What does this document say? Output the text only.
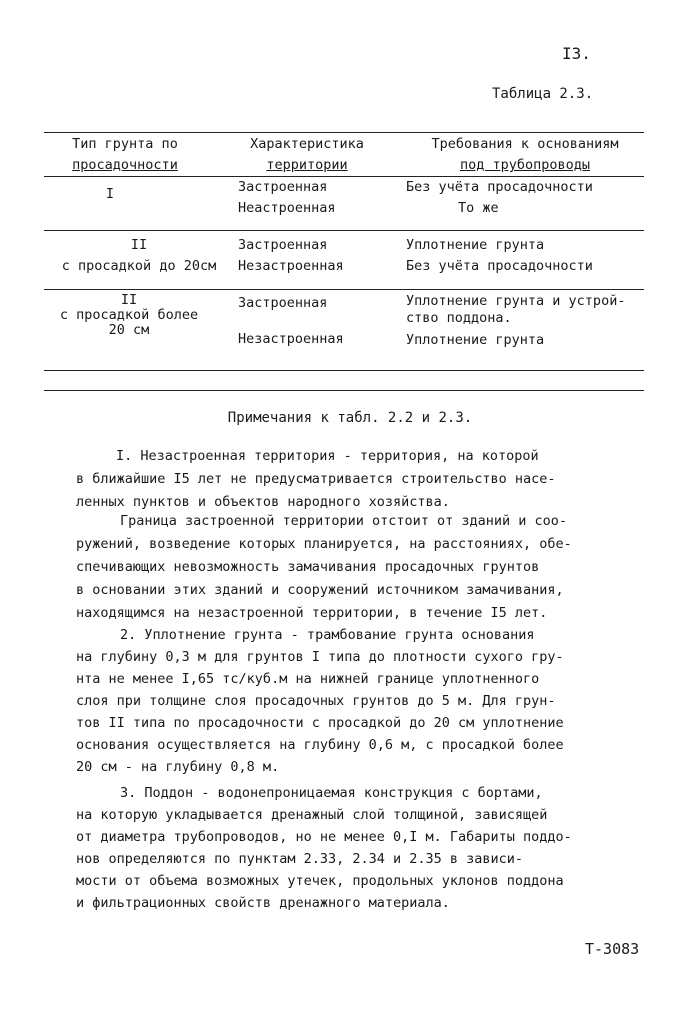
I3.
Таблица 2.3.
Тип грунта по
просадочности
Характеристика
территории
Требования к основаниям
под трубопроводы
I	Застроенная
Неастроенная
Без учёта просадочности
То же
II
с просадкой до 20см
Застроенная
Незастроенная
Уплотнение грунта
Без учёта просадочности
II
с просадкой более
20 см
Застроенная
Незастроенная
Уплотнение грунта и устрой-
ство поддона.
Уплотнение грунта
Примечания к табл. 2.2 и 2.3.
I. Незастроенная территория - территория, на которой
в ближайшие I5 лет не предусматривается строительство насе-
ленных пунктов и объектов народного хозяйства.
Граница застроенной территории отстоит от зданий и соо-
ружений, возведение которых планируется, на расстояниях, обе-
спечивающих невозможность замачивания просадочных грунтов
в основании этих зданий и сооружений источником замачивания,
находящимся на незастроенной территории, в течение I5 лет.
2. Уплотнение грунта - трамбование грунта основания
на глубину 0,3 м для грунтов I типа до плотности сухого гру-
нта не менее I,65 тс/куб.м на нижней границе уплотненного
слоя при толщине слоя просадочных грунтов до 5 м. Для грун-
тов II типа по просадочности с просадкой до 20 см уплотнение
основания осуществляется на глубину 0,6 м, с просадкой более
20 см - на глубину 0,8 м.
3. Поддон - водонепроницаемая конструкция с бортами,
на которую укладывается дренажный слой толщиной, зависящей
от диаметра трубопроводов, но не менее 0,I м. Габариты поддо-
нов определяются по пунктам 2.33, 2.34 и 2.35 в зависи-
мости от объема возможных утечек, продольных уклонов поддона
и фильтрационных свойств дренажного материала.
Т-3083
